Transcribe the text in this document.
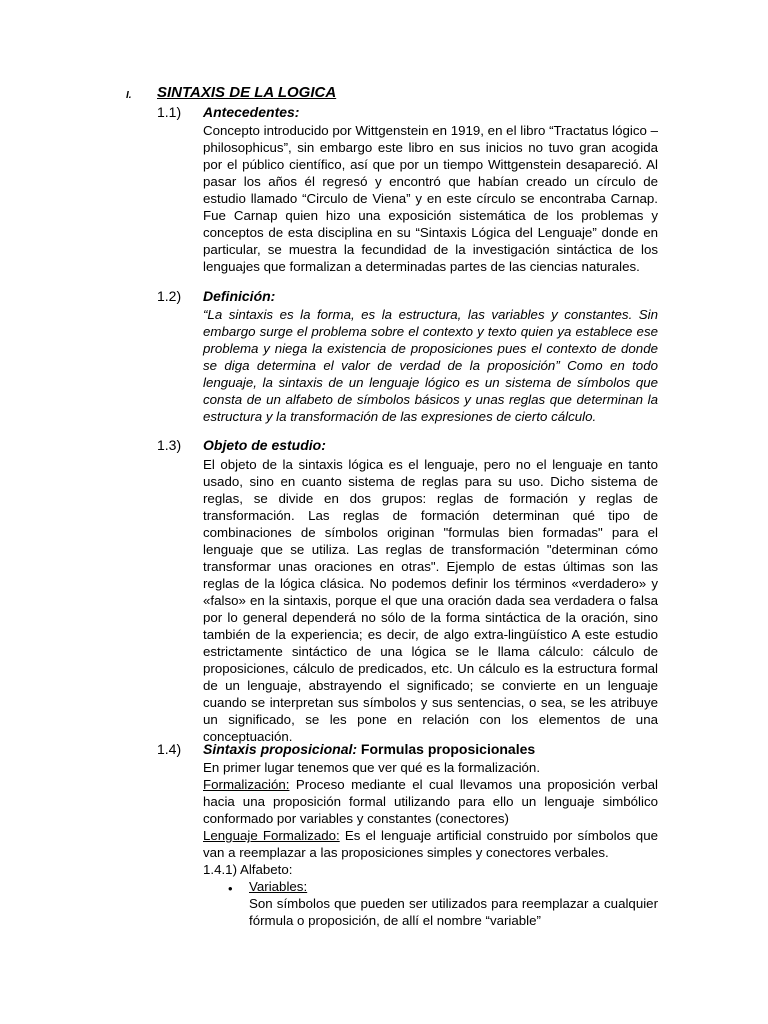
I. SINTAXIS DE LA LOGICA
1.1) Antecedentes:

Concepto introducido por Wittgenstein en 1919, en el libro “Tractatus lógico – philosophicus”, sin embargo este libro en sus inicios no tuvo gran acogida por el público científico, así que por un tiempo Wittgenstein desapareció. Al pasar los años él regresó y encontró que habían creado un círculo de estudio llamado “Circulo de Viena” y en este círculo se encontraba Carnap. Fue Carnap quien hizo una exposición sistemática de los problemas y conceptos de esta disciplina en su “Sintaxis Lógica del Lenguaje” donde en particular, se muestra la fecundidad de la investigación sintáctica de los lenguajes que formalizan a determinadas partes de las ciencias naturales.

1.2) Definición:

“La sintaxis es la forma, es la estructura, las variables y constantes. Sin embargo surge el problema sobre el contexto y texto quien ya establece ese problema y niega la existencia de proposiciones pues el contexto de donde se diga determina el valor de verdad de la proposición” Como en todo lenguaje, la sintaxis de un lenguaje lógico es un sistema de símbolos que consta de un alfabeto de símbolos básicos y unas reglas que determinan la estructura y la transformación de las expresiones de cierto cálculo.

1.3) Objeto de estudio:

El objeto de la sintaxis lógica es el lenguaje, pero no el lenguaje en tanto usado, sino en cuanto sistema de reglas para su uso. Dicho sistema de reglas, se divide en dos grupos: reglas de formación y reglas de transformación. Las reglas de formación determinan qué tipo de combinaciones de símbolos originan "formulas bien formadas" para el lenguaje que se utiliza. Las reglas de transformación "determinan cómo transformar unas oraciones en otras". Ejemplo de estas últimas son las reglas de la lógica clásica. No podemos definir los términos «verdadero» y «falso» en la sintaxis, porque el que una oración dada sea verdadera o falsa por lo general dependerá no sólo de la forma sintáctica de la oración, sino también de la experiencia; es decir, de algo extra-lingüístico A este estudio estrictamente sintáctico de una lógica se le llama cálculo: cálculo de proposiciones, cálculo de predicados, etc. Un cálculo es la estructura formal de un lenguaje, abstrayendo el significado; se convierte en un lenguaje cuando se interpretan sus símbolos y sus sentencias, o sea, se les atribuye un significado, se les pone en relación con los elementos de una conceptuación.

1.4) Sintaxis proposicional: Formulas proposicionales
En primer lugar tenemos que ver qué es la formalización.

Formalización: Proceso mediante el cual llevamos una proposición verbal hacia una proposición formal utilizando para ello un lenguaje simbólico conformado por variables y constantes (conectores)

Lenguaje Formalizado: Es el lenguaje artificial construido por símbolos que van a reemplazar a las proposiciones simples y conectores verbales.

1.4.1) Alfabeto:
• Variables:

Son símbolos que pueden ser utilizados para reemplazar a cualquier fórmula o proposición, de allí el nombre “variable”
